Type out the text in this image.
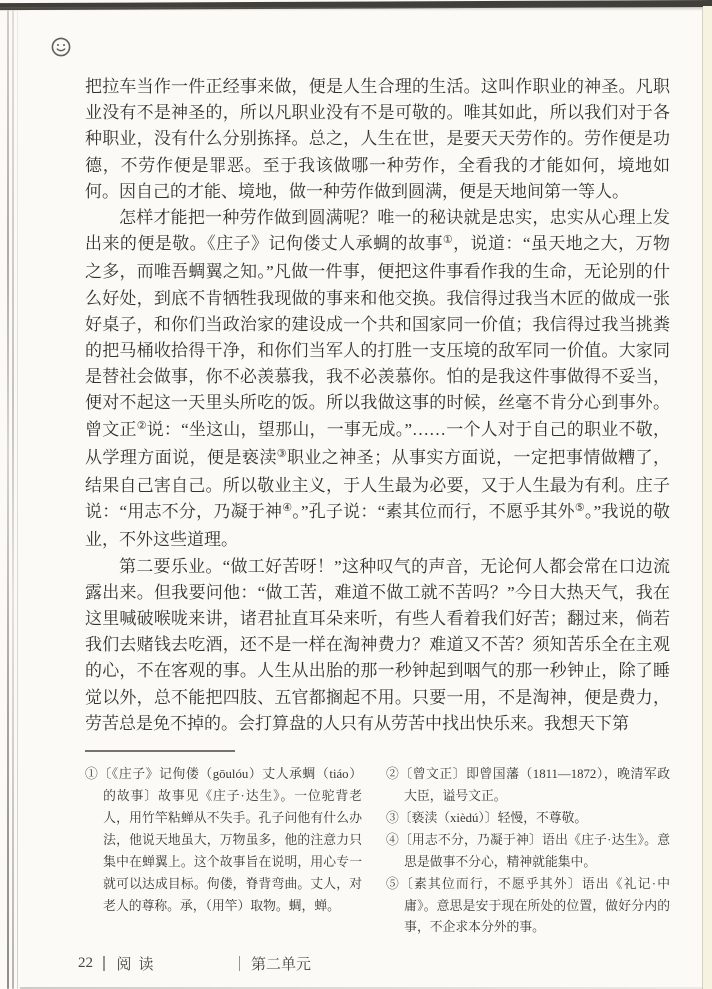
把拉车当作一件正经事来做，便是人生合理的生活。这叫作职业的神圣。凡职业没有不是神圣的，所以凡职业没有不是可敬的。唯其如此，所以我们对于各种职业，没有什么分别拣择。总之，人生在世，是要天天劳作的。劳作便是功德，不劳作便是罪恶。至于我该做哪一种劳作，全看我的才能如何，境地如何。因自己的才能、境地，做一种劳作做到圆满，便是天地间第一等人。

怎样才能把一种劳作做到圆满呢？唯一的秘诀就是忠实，忠实从心理上发出来的便是敬。《庄子》记佝偻丈人承蜩的故事①，说道：“虽天地之大，万物之多，而唯吾蜩翼之知。”凡做一件事，便把这件事看作我的生命，无论别的什么好处，到底不肯牺牲我现做的事来和他交换。我信得过我当木匠的做成一张好桌子，和你们当政治家的建设成一个共和国家同一价值；我信得过我当挑粪的把马桶收拾得干净，和你们当军人的打胜一支压境的敌军同一价值。大家同是替社会做事，你不必羡慕我，我不必羡慕你。怕的是我这件事做得不妥当，便对不起这一天里头所吃的饭。所以我做这事的时候，丝毫不肯分心到事外。曾文正②说：“坐这山，望那山，一事无成。”……一个人对于自己的职业不敬，从学理方面说，便是亵渎③职业之神圣；从事实方面说，一定把事情做糟了，结果自己害自己。所以敬业主义，于人生最为必要，又于人生最为有利。庄子说：“用志不分，乃凝于神④。”孔子说：“素其位而行，不愿乎其外⑤。”我说的敬业，不外这些道理。

第二要乐业。“做工好苦呀！”这种叹气的声音，无论何人都会常在口边流露出来。但我要问他：“做工苦，难道不做工就不苦吗？”今日大热天气，我在这里喊破喉咙来讲，诸君扯直耳朵来听，有些人看着我们好苦；翻过来，倘若我们去赌钱去吃酒，还不是一样在淘神费力？难道又不苦？须知苦乐全在主观的心，不在客观的事。人生从出胎的那一秒钟起到咽气的那一秒钟止，除了睡觉以外，总不能把四肢、五官都搁起不用。只要一用，不是淘神，便是费力，劳苦总是免不掉的。会打算盘的人只有从劳苦中找出快乐来。我想天下第

①〔《庄子》记佝偻（gōulóu）丈人承蜩（tiáo）的故事〕故事见《庄子·达生》。一位驼背老人，用竹竿粘蝉从不失手。孔子问他有什么办法，他说天地虽大，万物虽多，他的注意力只集中在蝉翼上。这个故事旨在说明，用心专一就可以达成目标。佝偻，脊背弯曲。丈人，对老人的尊称。承，（用竿）取物。蜩，蝉。

②〔曾文正〕即曾国藩（1811—1872），晚清军政大臣，谥号文正。

③〔亵渎（xièdú）〕轻慢，不尊敬。

④〔用志不分，乃凝于神〕语出《庄子·达生》。意思是做事不分心，精神就能集中。

⑤〔素其位而行，不愿乎其外〕语出《礼记·中庸》。意思是安于现在所处的位置，做好分内的事，不企求本分外的事。

22 阅读	第二单元
